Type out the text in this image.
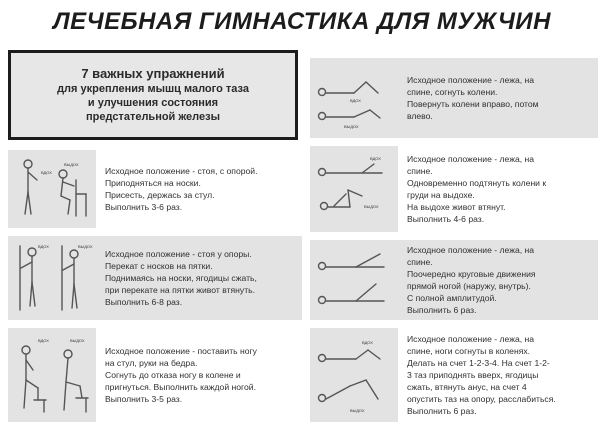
ЛЕЧЕБНАЯ ГИМНАСТИКА ДЛЯ МУЖЧИН
7 важных упражнений
для укрепления мышц малого таза
и улучшения состояния
предстательной железы
ВДОХ
ВЫДОХ
Исходное положение - стоя, с опорой.
Приподняться на носки.
Присесть, держась за стул.
Выполнить 3-6 раз.
ВДОХ	ВЫДОХ
Исходное положение - стоя у опоры.
Перекат с носков на пятки.
Поднимаясь на носки, ягодицы сжать,
при перекате на пятки живот втянуть.
Выполнить 6-8 раз.
ВДОХ	ВЫДОХ
Исходное положение - поставить ногу
на стул, руки на бедра.
Согнуть до отказа ногу в колене и
пригнуться. Выполнить каждой ногой.
Выполнить 3-5 раз.
ВДОХ
ВЫДОХ
Исходное положение - лежа, на
спине, согнуть колени.
Повернуть колени вправо, потом
влево.
ВДОХ
ВЫДОХ
Исходное положение - лежа, на
спине.
Одновременно подтянуть колени к
груди на выдохе.
На выдохе живот втянут.
Выполнить 4-6 раз.
Исходное положение - лежа, на
спине.
Поочередно круговые движения
прямой ногой (наружу, внутрь).
С полной амплитудой.
Выполнить 6 раз.
ВДОХ
ВЫДОХ
Исходное положение - лежа, на
спине, ноги согнуты в коленях.
Делать на счет 1-2-3-4. На счет 1-2-
3 таз приподнять вверх, ягодицы
сжать, втянуть анус, на счет 4
опустить таз на опору, расслабиться.
Выполнить 6 раз.
